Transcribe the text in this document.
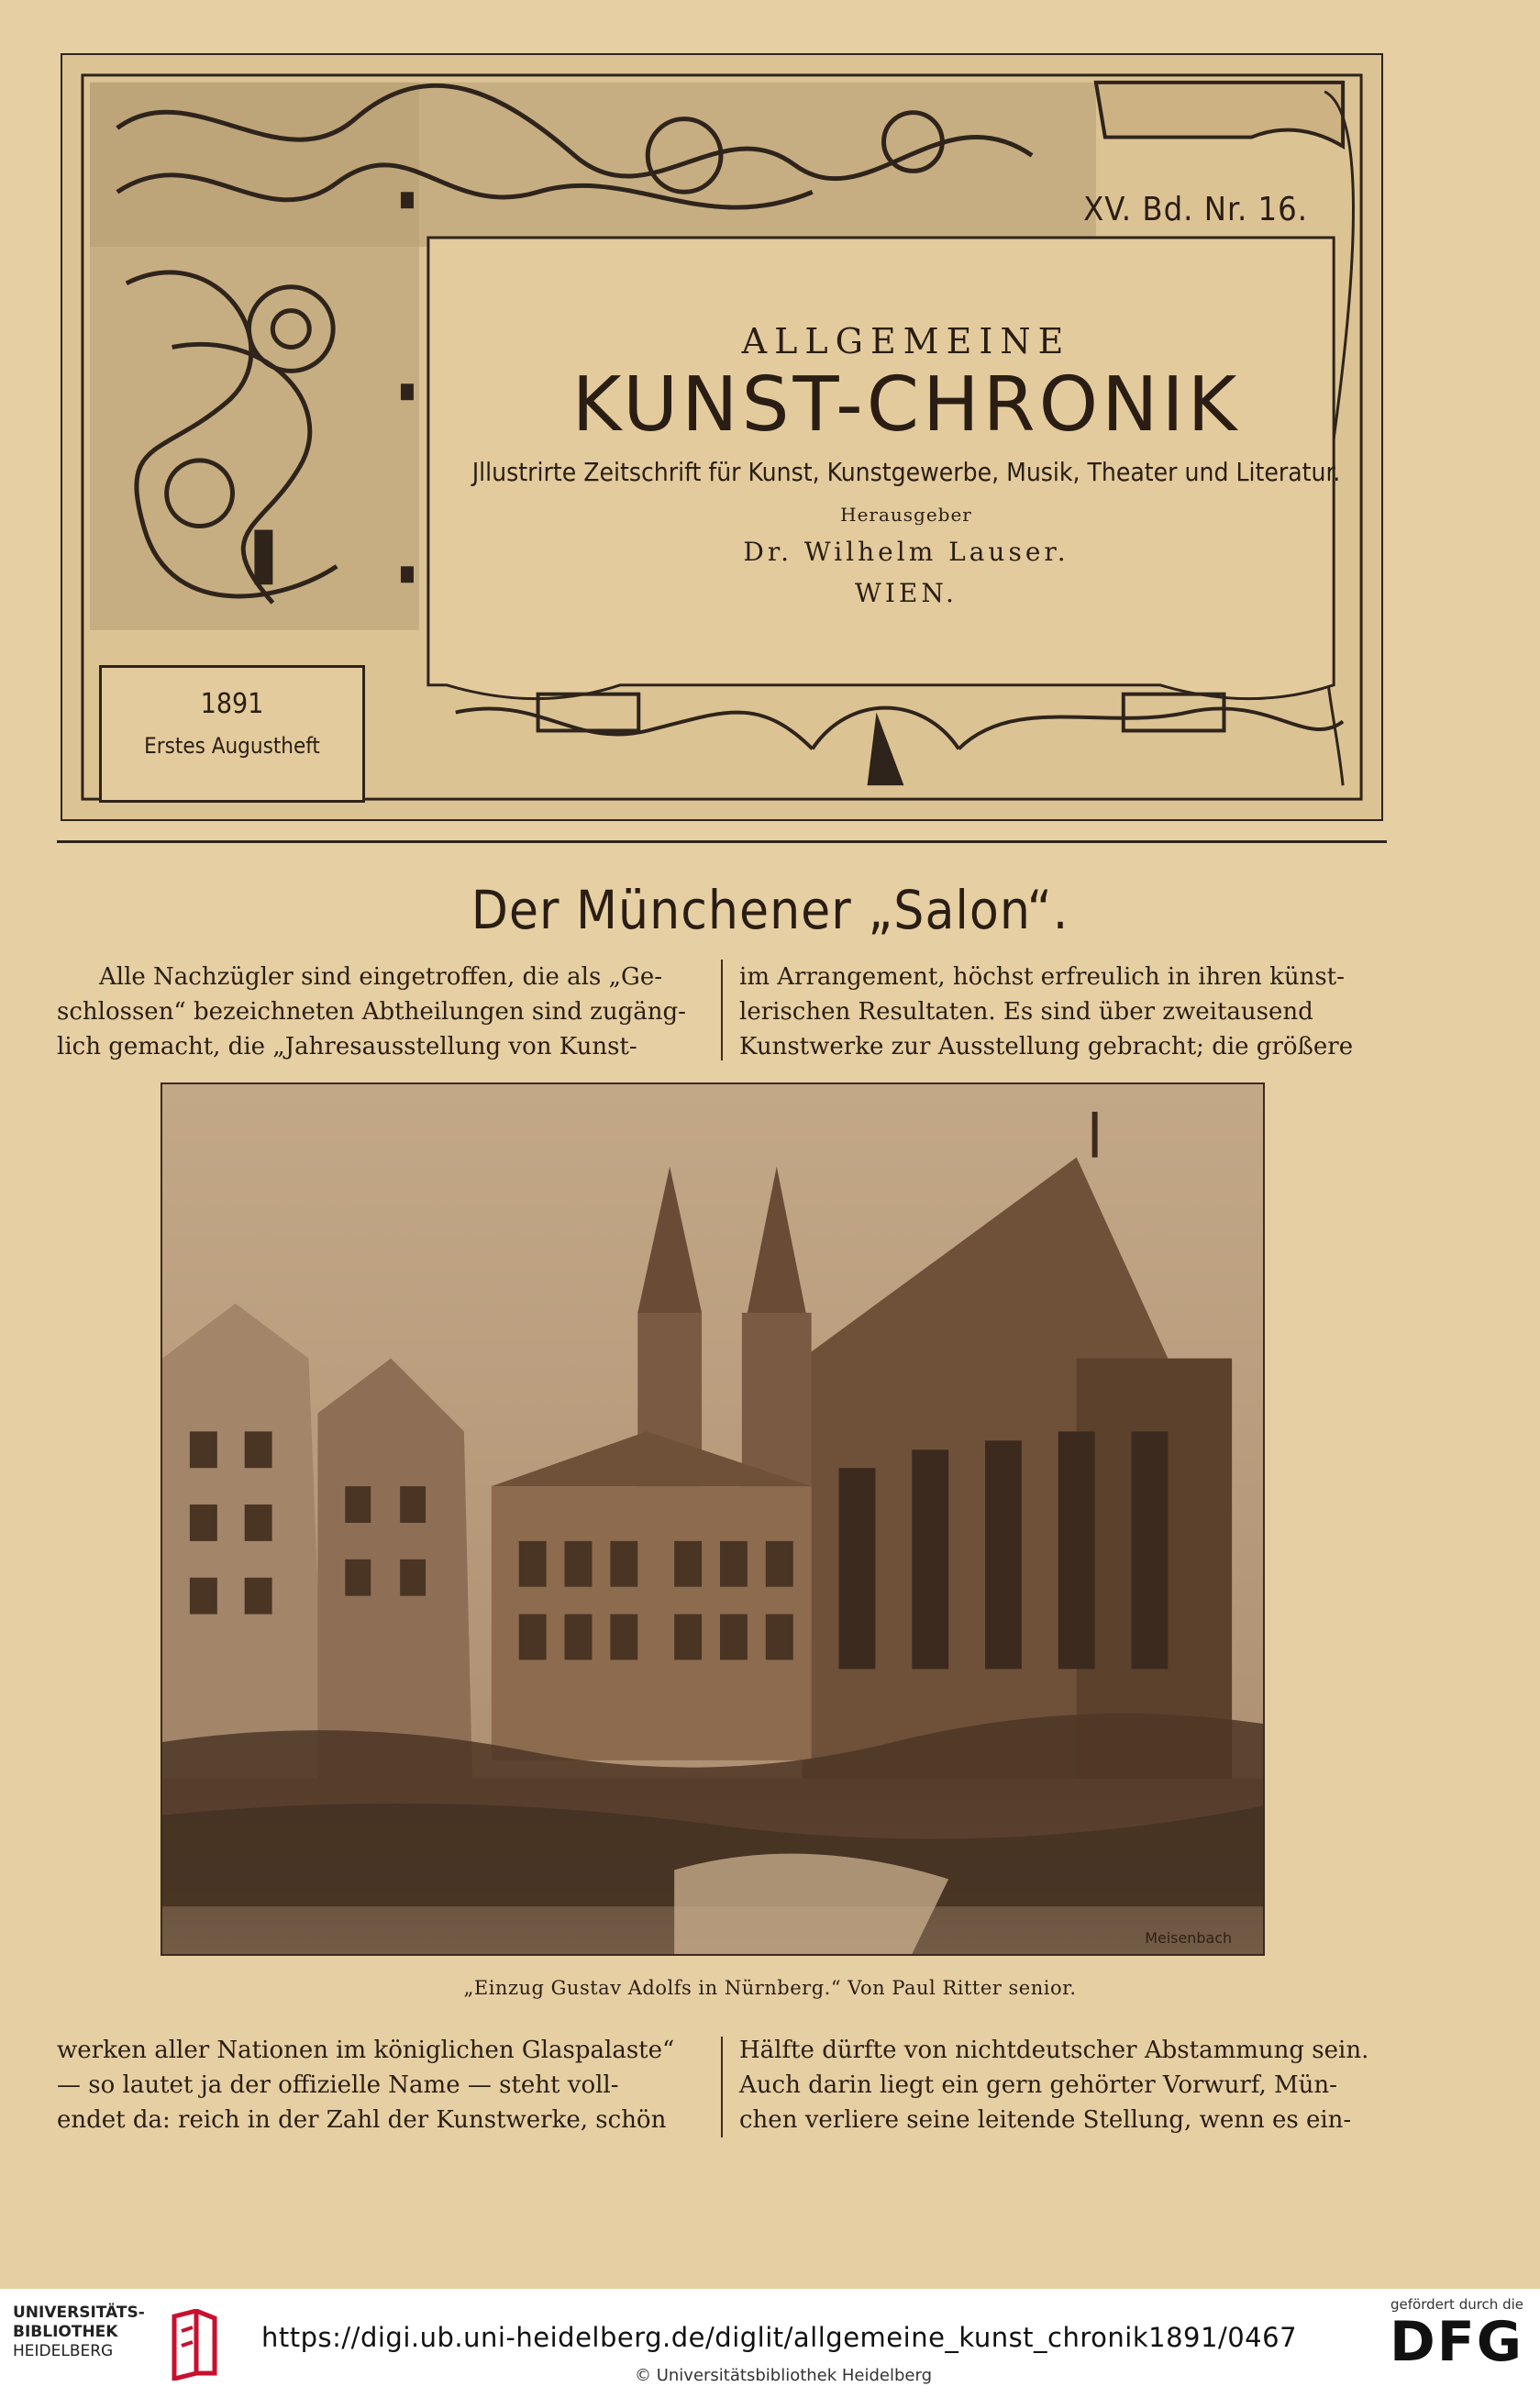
XV. Bd. Nr. 16.
ALLGEMEINE
KUNST-CHRONIK
Jllustrirte Zeitschrift für Kunst, Kunstgewerbe, Musik, Theater und Literatur.
Herausgeber
Dr. Wilhelm Lauser.
WIEN.
1891
Erstes Augustheft
Der Münchener „Salon“.

Alle Nachzügler sind eingetroffen, die als „Ge-

schlossen“ bezeichneten Abtheilungen sind zugäng-

lich gemacht, die „Jahresausstellung von Kunst-

im Arrangement, höchst erfreulich in ihren künst-

lerischen Resultaten. Es sind über zweitausend

Kunstwerke zur Ausstellung gebracht; die größere

Meisenbach
„Einzug Gustav Adolfs in Nürnberg.“ Von Paul Ritter senior.

werken aller Nationen im königlichen Glaspalaste“

— so lautet ja der offizielle Name — steht voll-

endet da: reich in der Zahl der Kunstwerke, schön

Hälfte dürfte von nichtdeutscher Abstammung sein.

Auch darin liegt ein gern gehörter Vorwurf, Mün-

chen verliere seine leitende Stellung, wenn es ein-

UNIVERSITÄTS-
BIBLIOTHEK
HEIDELBERG	https://digi.ub.uni-heidelberg.de/diglit/allgemeine_kunst_chronik1891/0467
© Universitätsbibliothek Heidelberg
gefördert durch die
DFG
